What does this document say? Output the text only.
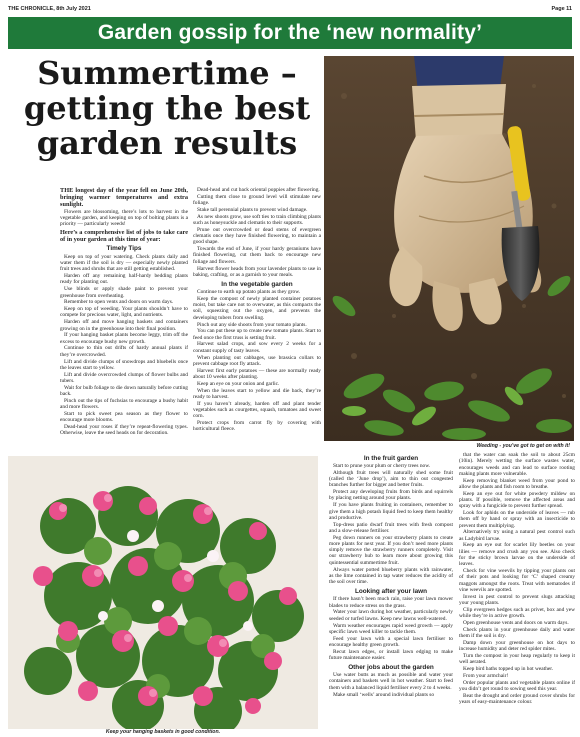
THE CHRONICLE, 8th July 2021	Page 11
Garden gossip for the ‘new normality’
Summertime –
getting the best
garden results

THE longest day of the year fell on June 20th, bringing warmer temperatures and extra sunlight.

Flowers are blossoming, there’s lots to harvest in the vegetable garden, and keeping on top of bolting plants is a priority — particularly weeds!

Here’s a comprehensive list of jobs to take care of in your garden at this time of year:

Timely Tips

Keep on top of your watering. Check plants daily and water them if the soil is dry — especially newly planted fruit trees and shrubs that are still getting established.

Harden off any remaining half-hardy bedding plants ready for planting out.

Use blinds or apply shade paint to prevent your greenhouse from overheating.

Remember to open vents and doors on warm days.

Keep on top of weeding. Your plants shouldn’t have to compete for precious water, light, and nutrients.

Harden off and move hanging baskets and containers growing on in the greenhouse into their final position.

If your hanging basket plants become leggy, trim off the excess to encourage bushy new growth.

Continue to thin out drifts of hardy annual plants if they’re overcrowded.

Lift and divide clumps of snowdrops and bluebells once the leaves start to yellow.

Lift and divide overcrowded clumps of flower bulbs and tubers.

Wait for bulb foliage to die down naturally before cutting back.

Pinch out the tips of fuchsias to encourage a bushy habit and more flowers.

Start to pick sweet pea season as they flower to encourage more blooms.

Dead-head your roses if they’re repeat-flowering types. Otherwise, leave the seed heads on for decoration.

Dead-head and cut back oriental poppies after flowering.

Cutting them close to ground level will stimulate new foliage.

Stake tall perennial plants to prevent wind damage.

As new shoots grow, use soft ties to train climbing plants such as honeysuckle and clematis to their supports.

Prune out overcrowded or dead stems of evergreen clematis once they have finished flowering, to maintain a good shape.

Towards the end of June, if your hardy geraniums have finished flowering, cut them back to encourage new foliage and flowers.

Harvest flower heads from your lavender plants to use in baking, crafting, or as a garnish to your meals.

In the vegetable garden

Continue to earth up potato plants as they grow.

Keep the compost of newly planted container potatoes moist, but take care not to overwater, as this compacts the soil, squeezing out the oxygen, and prevents the developing tubers from swelling.

Pinch out any side shoots from your tomato plants.

You can put these up to create new tomato plants. Start to feed once the first truss is setting fruit.

Harvest salad crops, and sow every 2 weeks for a constant supply of tasty leaves.

When planting out cabbages, use brassica collars to prevent cabbage root fly attack.

Harvest first early potatoes — these are normally ready about 10 weeks after planting.

Keep an eye on your onion and garlic.

When the leaves start to yellow and die back, they’re ready to harvest.

If you haven’t already, harden off and plant tender vegetables such as courgettes, squash, tomatoes and sweet corn.

Protect crops from carrot fly by covering with horticultural fleece.

Weeding - you’ve got to get on with it!
Keep your hanging baskets in good condition.
In the fruit garden

Start to prune your plum or cherry trees now.

Although fruit trees will naturally shed some fruit (called the ‘June drop’), aim to thin out congested branches further for bigger and better fruits.

Protect any developing fruits from birds and squirrels by placing netting around your plants.

If you have plants fruiting in containers, remember to give them a high potash liquid feed to keep them healthy and productive.

Top-dress patio dwarf fruit trees with fresh compost and a slow-release fertiliser.

Peg down runners on your strawberry plants to create more plants for next year. If you don’t need more plants simply remove the strawberry runners completely. Visit our strawberry hub to learn more about growing this quintessential summertime fruit.

Always water potted blueberry plants with rainwater, as the lime contained in tap water reduces the acidity of the soil over time.

Looking after your lawn

If there hasn’t been much rain, raise your lawn mower blades to reduce stress on the grass.

Water your lawn during hot weather, particularly newly seeded or turfed lawns. Keep new lawns well-watered.

Warm weather encourages rapid weed growth — apply specific lawn weed killer to tackle them.

Feed your lawn with a special lawn fertiliser to encourage healthy green growth.

Recut lawn edges, or install lawn edging to make future maintenance easier.

Other jobs about the garden

Use water butts as much as possible and water your containers and baskets well in hot weather. Start to feed them with a balanced liquid fertiliser every 2 to 4 weeks.

Make small ‘wells’ around individual plants so

that the water can soak the soil to about 25cm (10in). Merely wetting the surface wastes water, encourages weeds and can lead to surface rooting making plants more vulnerable.

Keep removing blanket weed from your pond to allow the plants and fish room to breathe.

Keep an eye out for white powdery mildew on plants. If possible, remove the affected areas and spray with a fungicide to prevent further spread.

Look for aphids on the underside of leaves — rub them off by hand or spray with an insecticide to prevent them multiplying.

Alternatively try using a natural pest control such as Ladybird larvae.

Keep an eye out for scarlet lily beetles on your lilies — remove and crush any you see. Also check for the sticky brown larvae on the underside of leaves.

Check for vine weevils by tipping your plants out of their pots and looking for ‘C’ shaped creamy maggots amongst the roots. Treat with nematodes if vine weevils are spotted.

Invest in pest control to prevent slugs attacking your young plants.

Clip evergreen hedges such as privet, box and yew while they’re in active growth.

Open greenhouse vents and doors on warm days.

Check plants in your greenhouse daily and water them if the soil is dry.

Damp down your greenhouse on hot days to increase humidity and deter red spider mites.

Turn the compost in your heap regularly to keep it well aerated.

Keep bird baths topped up in hot weather.

From your armchair!

Order popular plants and vegetable plants online if you didn’t get round to sowing seed this year.

Beat the drought and order ground cover shrubs for years of easy-maintenance colour.
